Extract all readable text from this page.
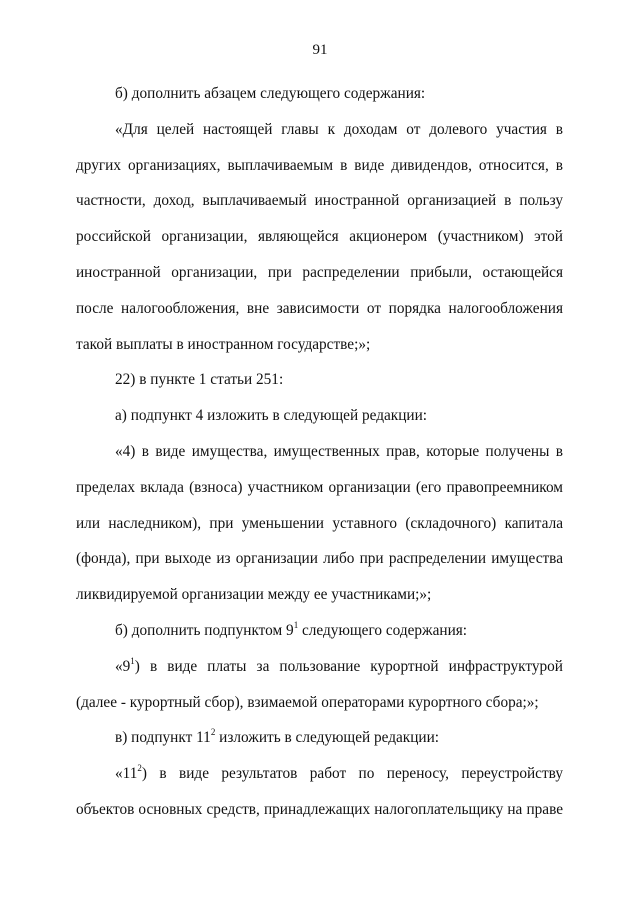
91

б) дополнить абзацем следующего содержания:

«Для целей настоящей главы к доходам от долевого участия в других организациях, выплачиваемым в виде дивидендов, относится, в частности, доход, выплачиваемый иностранной организацией в пользу российской организации, являющейся акционером (участником) этой иностранной организации, при распределении прибыли, остающейся после налогообложения, вне зависимости от порядка налогообложения такой выплаты в иностранном государстве;»;

22) в пункте 1 статьи 251:

а) подпункт 4 изложить в следующей редакции:

«4) в виде имущества, имущественных прав, которые получены в пределах вклада (взноса) участником организации (его правопреемником или наследником), при уменьшении уставного (складочного) капитала (фонда), при выходе из организации либо при распределении имущества ликвидируемой организации между ее участниками;»;

б) дополнить подпунктом $9^1$ следующего содержания:

«$9^1$) в виде платы за пользование курортной инфраструктурой (далее - курортный сбор), взимаемой операторами курортного сбора;»;

в) подпункт $11^2$ изложить в следующей редакции:

«$11^2$) в виде результатов работ по переносу, переустройству объектов основных средств, принадлежащих налогоплательщику на праве
